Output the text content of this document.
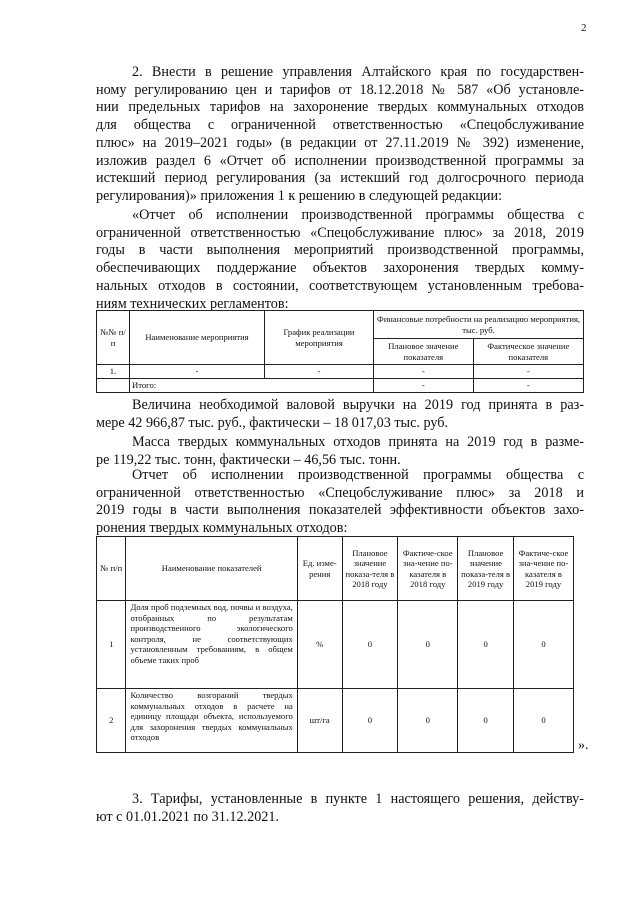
2
2. Внести в решение управления Алтайского края по государствен-
ному регулированию цен и тарифов от 18.12.2018 № 587 «Об установле-
нии предельных тарифов на захоронение твердых коммунальных отходов
для общества с ограниченной ответственностью «Спецобслуживание
плюс» на 2019–2021 годы» (в редакции от 27.11.2019 № 392) изменение,
изложив раздел 6 «Отчет об исполнении производственной программы за
истекший период регулирования (за истекший год долгосрочного периода
регулирования)» приложения 1 к решению в следующей редакции:
«Отчет об исполнении производственной программы общества с
ограниченной ответственностью «Спецобслуживание плюс» за 2018, 2019
годы в части выполнения мероприятий производственной программы,
обеспечивающих поддержание объектов захоронения твердых комму-
нальных отходов в состоянии, соответствующем установленным требова-
ниям технических регламентов:
№№ п/п	Наименование мероприятия	График реализации мероприятия	Финансовые потребности на реализацию мероприятия, тыс. руб.	
			Плановое значение показателя	Фактическое значение показателя
1.	-	-	-	-
	Итого:		-	-
Величина необходимой валовой выручки на 2019 год принята в раз-
мере 42 966,87 тыс. руб., фактически – 18 017,03 тыс. руб.
Масса твердых коммунальных отходов принята на 2019 год в разме-
ре 119,22 тыс. тонн, фактически – 46,56 тыс. тонн.
Отчет об исполнении производственной программы общества с
ограниченной ответственностью «Спецобслуживание плюс» за 2018 и
2019 годы в части выполнения показателей эффективности объектов захо-
ронения твердых коммунальных отходов:
№ п/п	Наименование показателей	Ед. изме-рения	Плановое значение показа-теля в 2018 году	Фактиче-ское зна-чение по-казателя в 2018 году	Плановое значение показа-теля в 2019 году	Фактиче-ское зна-чение по-казателя в 2019 году
1	Доля проб подземных вод, почвы и воздуха, отобранных по результатам производственного экологического контроля, не соответствующих установленным требованиям, в общем объеме таких проб	%	0	0	0	0
2	Количество возгораний твердых коммунальных отходов в расчете на единицу площади объекта, используемого для захоронения твердых коммунальных отходов	шт/га	0	0	0	0
».
3. Тарифы, установленные в пункте 1 настоящего решения, действу-
ют с 01.01.2021 по 31.12.2021.
